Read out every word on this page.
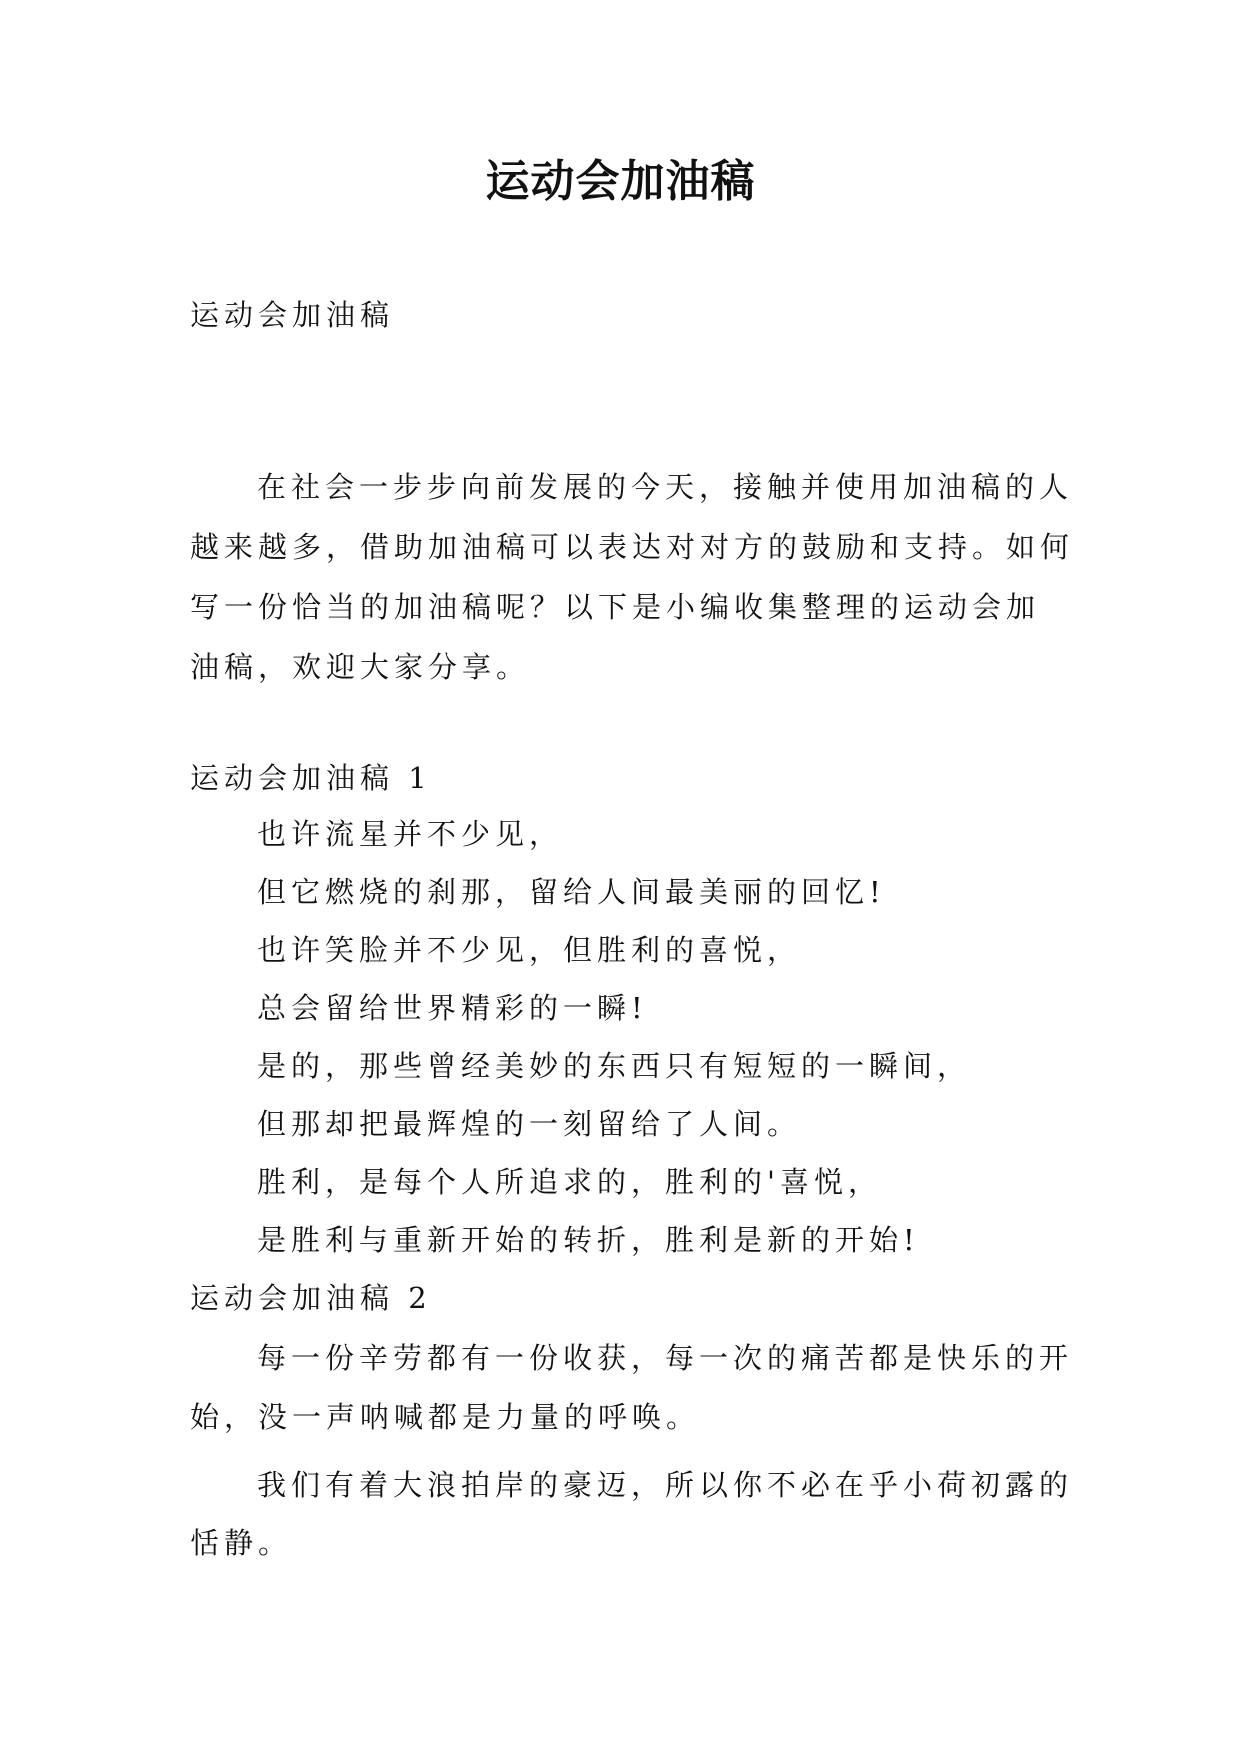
运动会加油稿

运动会加油稿

在社会一步步向前发展的今天，接触并使用加油稿的人

越来越多，借助加油稿可以表达对对方的鼓励和支持。如何

写一份恰当的加油稿呢？以下是小编收集整理的运动会加

油稿，欢迎大家分享。

运动会加油稿 1

也许流星并不少见，

但它燃烧的刹那，留给人间最美丽的回忆!

也许笑脸并不少见，但胜利的喜悦，

总会留给世界精彩的一瞬!

是的，那些曾经美妙的东西只有短短的一瞬间，

但那却把最辉煌的一刻留给了人间。

胜利，是每个人所追求的，胜利的'喜悦，

是胜利与重新开始的转折，胜利是新的开始!

运动会加油稿 2

每一份辛劳都有一份收获，每一次的痛苦都是快乐的开

始，没一声呐喊都是力量的呼唤。

我们有着大浪拍岸的豪迈，所以你不必在乎小荷初露的

恬静。
